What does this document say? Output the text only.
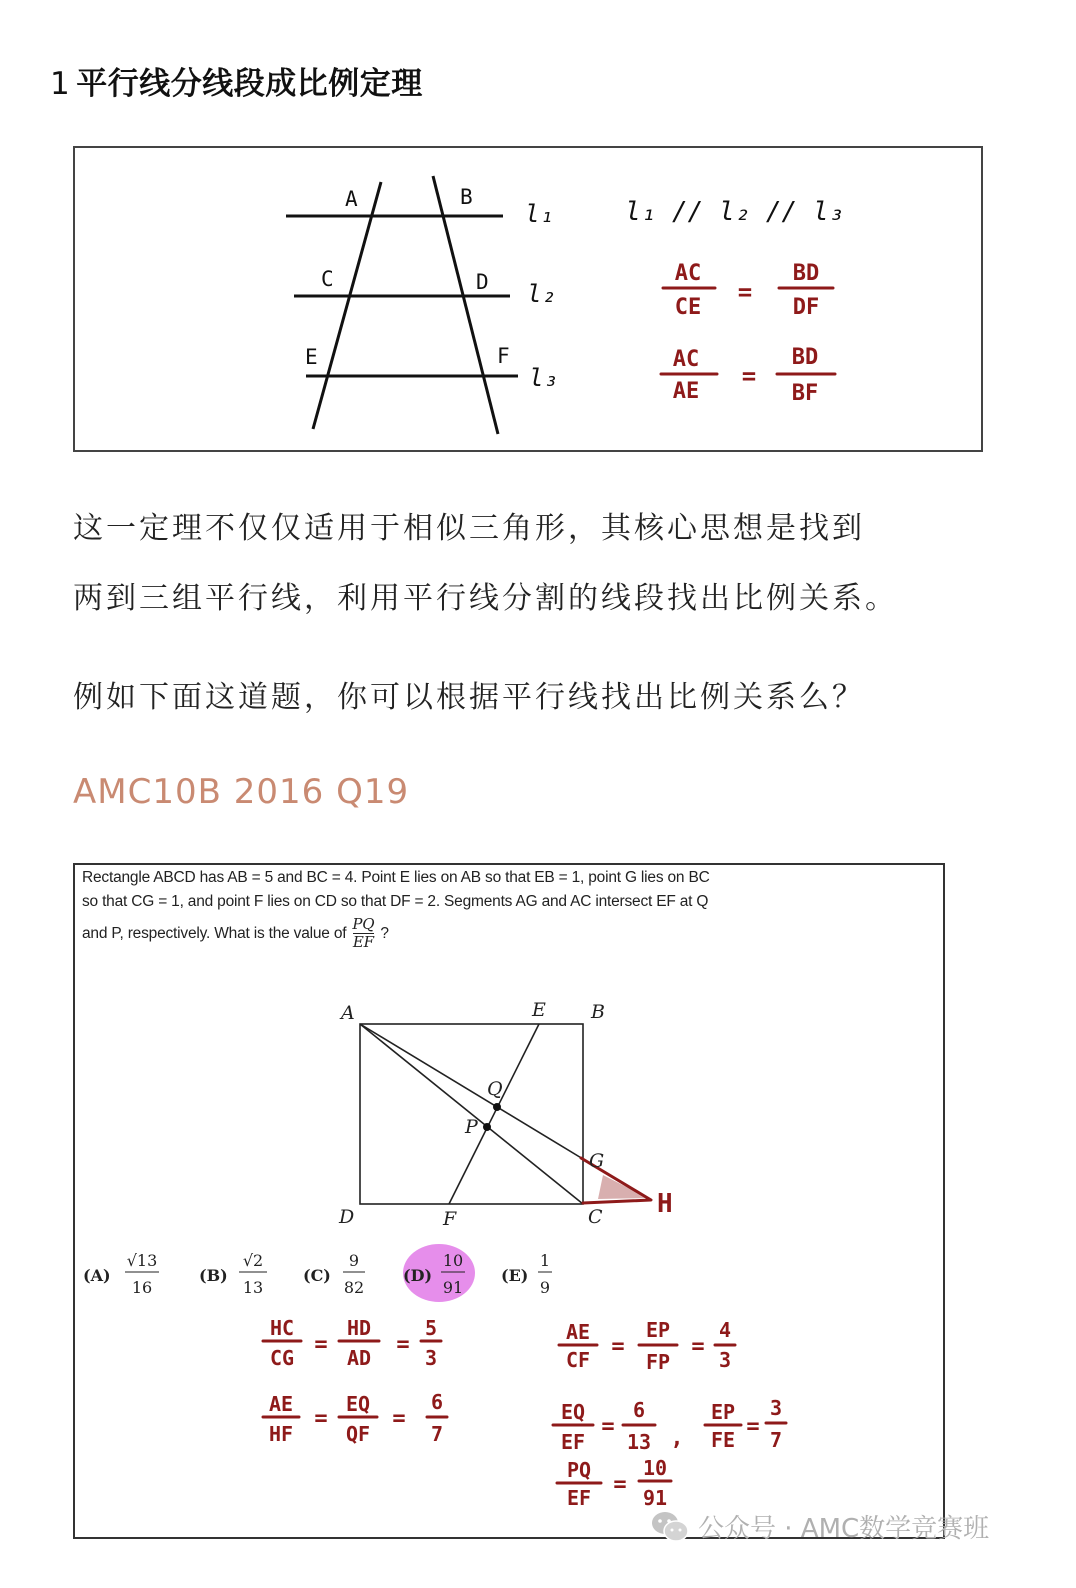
1 平行线分线段成比例定理
A	B
C	D
E	F
l₁
l₂
l₃
l₁ // l₂ // l₃
AC
CE
=
BD
DF
AC
AE
=
BD
BF
这一定理不仅仅适用于相似三角形，其核心思想是找到
两到三组平行线，利用平行线分割的线段找出比例关系。
例如下面这道题，你可以根据平行线找出比例关系么？
AMC10B 2016 Q19
Rectangle ABCD has AB = 5 and BC = 4. Point E lies on AB so that EB = 1, point G lies on BC
so that CG = 1, and point F lies on CD so that DF = 2. Segments AG and AC intersect EF at Q
and P, respectively. What is the value of $\frac{PQ}{EF}$ ?
A	E B
D	F	C
G
Q
P
H
(A)
√13
16
(B)
√2
13
(C)
9
82
(D)
10
91
(E)
1
9
HC
CG
=
HD
AD
=
5
3
AE
HF
=
EQ
QF
=
6
7
AE
CF
=
EP
FP
=
4
3
EQ
EF
=
6
13 ,
EP
FE
=
3
7
PQ
EF
=
10
91
公众号 · AMC数学竞赛班
